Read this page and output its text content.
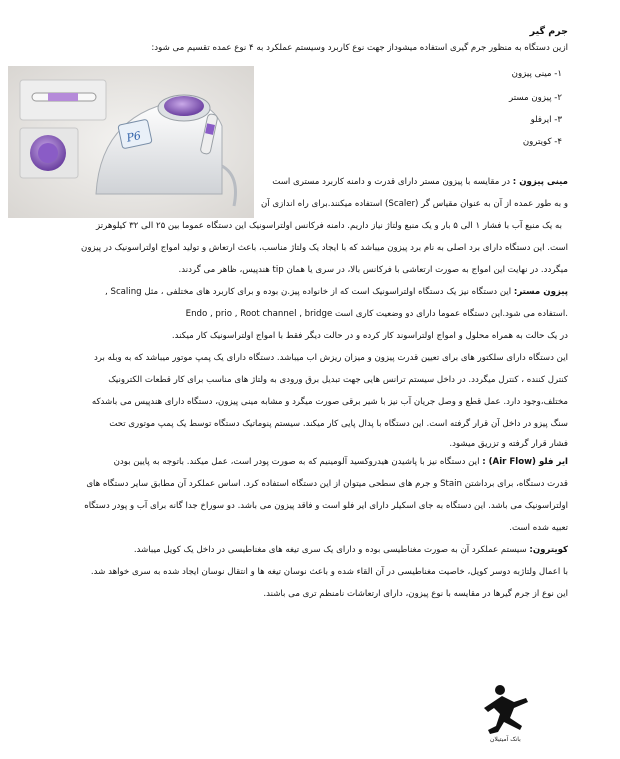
جرم گیر
ازین دستگاه به منظور جرم گیری استفاده میشوداز جهت نوع کاربرد وسیستم عملکرد به ۴ نوع عمده تقسیم می شود:
۱- مینی پیزون
۲- پیزون مستر
۳- ایرفلو
۴- کویترون
P6
مینی پیزون : در مقایسه با پیزون مستر دارای قدرت و دامنه کاربرد مستری است
و به طور عمده از آن به عنوان مقیاس گر (Scaler) استفاده میکنند.برای راه اندازی آن
به یک منبع آب با فشار ۱ الی ۵ بار و یک منبع ولتاژ نیاز داریم. دامنه فرکانس اولتراسونیک این دستگاه عموما بین ۲۵ الی ۳۲ کیلوهرتز
است. این دستگاه دارای برد اصلی به نام برد پیزون میباشد که با ایجاد یک ولتاژ مناسب، باعث ارتعاش و تولید امواج اولتراسونیک در پیزون
میگردد. در نهایت این امواج به صورت ارتعاشی با فرکانس بالا، در سری یا همان tip هندپیس، ظاهر می گردند.
پیزون مستر: این دستگاه نیز یک دستگاه اولتراسونیک است که از خانواده پیز.ن بوده و برای کاربرد های مختلفی ، مثل Scaling ,
Endo , prio , Root channel , bridge استفاده می شود.این دستگاه عموما دارای دو وضعیت کاری است.
در یک حالت به همراه محلول و امواج اولتراسوند کار کرده و در حالت دیگر فقط با امواج اولتراسونیک کار میکند.
این دستگاه دارای سلکتور های برای تعیین قدرت پیزون و میزان ریزش اب میباشد. دستگاه دارای یک پمپ موتور میباشد که به وبله برد
کنترل کننده ، کنترل میگردد. در داخل سیستم ترانس هایی جهت تبدیل برق ورودی به ولتاژ های مناسب برای کار قطعات الکترونیک
مختلف،وجود دارد. عمل قطع و وصل جریان آب نیز با شیر برقی صورت میگرد و مشابه مینی پیزون، دستگاه دارای هندپیس می باشدکه
سنگ پیزو در داخل آن قرار گرفته است. این دستگاه با پدال پایی کار میکند. سیستم پنوماتیک دستگاه توسط یک پمپ موتوری تحت
فشار قرار گرفته و تزریق میشود.
ایر فلو (Air Flow) : این دستگاه نیز با پاشیدن هیدروکسید آلومینیم که به صورت پودر است، عمل میکند. باتوجه به پایین بودن
قدرت دستگاه، برای برداشتن Stain و جرم های سطحی میتوان از این دستگاه استفاده کرد. اساس عملکرد آن مطابق سایر دستگاه های
اولتراسونیک می باشد. این دستگاه به جای اسکیلر دارای ایر فلو است و فاقد پیزون می باشد. دو سوراخ جدا گانه برای آب و پودر دستگاه
تعبیه شده است.
کویترون: سیستم عملکرد آن به صورت مغناطیسی بوده و دارای یک سری تیغه های مغناطیسی در داخل یک کویل میباشد.
با اعمال ولتاژبه دوسر کویل، خاصیت مغناطیسی در آن القاء شده و باعث نوسان تیغه ها و انتقال نوسان ایجاد شده به سری خواهد شد.
این نوع از جرم گیرها در مقایسه با نوع پیزون، دارای ارتعاشات نامنظم تری می باشند.
بانک آمیتیلان
